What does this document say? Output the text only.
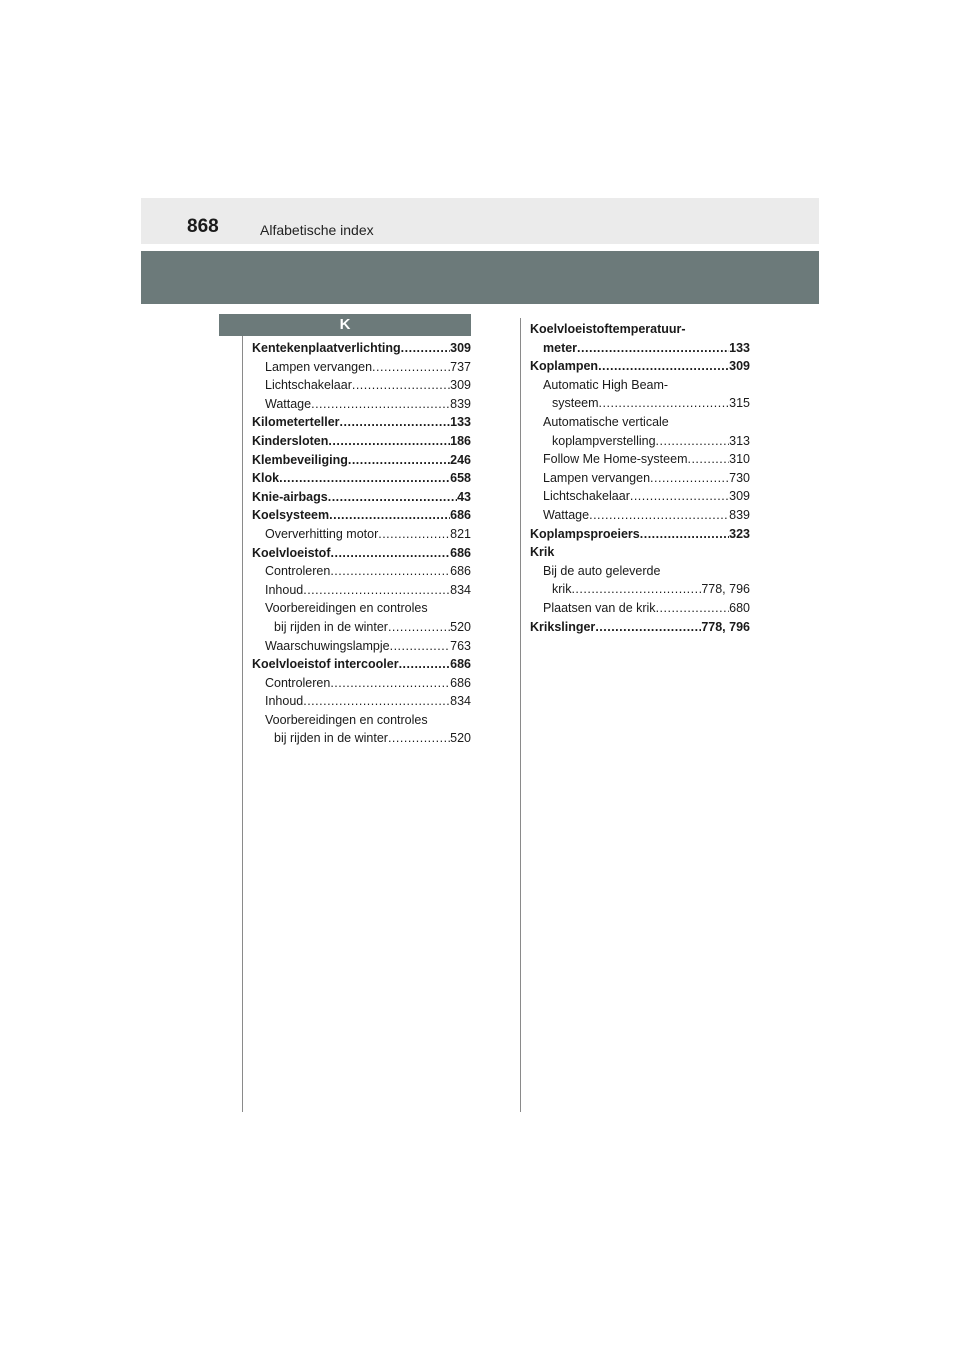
868	Alfabetische index
K
Kentekenplaatverlichting .....	309
Lampen vervangen .....	737
Lichtschakelaar .....	309
Wattage .....	839
Kilometerteller .....	133
Kindersloten .....	186
Klembeveiliging .....	246
Klok .....	658
Knie-airbags .....	43
Koelsysteem .....	686
Oververhitting motor .....	821
Koelvloeistof .....	686
Controleren .....	686
Inhoud .....	834
Voorbereidingen en controles
bij rijden in de winter .....	520
Waarschuwingslampje .....	763
Koelvloeistof intercooler .....	686
Controleren .....	686
Inhoud .....	834
Voorbereidingen en controles
bij rijden in de winter .....	520
Koelvloeistoftemperatuur-
meter .....	133
Koplampen .....	309
Automatic High Beam-
systeem .....	315
Automatische verticale
koplampverstelling .....	313
Follow Me Home-systeem .....	310
Lampen vervangen .....	730
Lichtschakelaar .....	309
Wattage .....	839
Koplampsproeiers .....	323
Krik
Bij de auto geleverde
krik .....	778, 796
Plaatsen van de krik .....	680
Krikslinger .....	778, 796
